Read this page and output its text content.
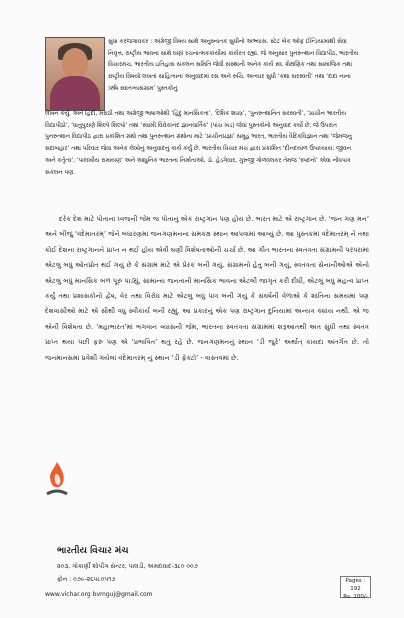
સુધા કરંજગાવકર : અંગ્રેજી વિષય સાથે અનુસ્નાતક સુધીનો અભ્યાસ. સ્ટેટ બેંક ઓફ ઈન્ડિયામાંથી સેવા નિવૃત્ત, રાષ્ટ્રીય ભાવના સાથે ઘણાં રચનાત્મકકાર્યોમાં કાર્યરત રહ્યાં. જે અનુસાર પુનરુત્થાન વિદ્યાપીઠ, ભારતીય વિચારમંચ, ભારતીય ઇતિહાસ સંકલન સમિતિ જેવી સંસ્થાની અનેક કાર્ય સ્વ. શૈક્ષણિક તથા સામાજિક તથા રાષ્ટ્રીય વિષયો લખતાં સાહિત્યના અનુવાદમાં રસ અને રુચિ. અત્યાર સુધી ‘કથા સરસ્વતી’ તથા ‘દાદા નાના ઋષિ સ્વાતંત્ર્યસંગ્રામ’ પુસ્તકોનું

લેખન કર્યું. અને હિંદી, મરાઠી તથા અંગ્રેજી ભાષાઓથી ‘હિંદુ માનસિકતા’, ‘દૈશિક શાસ્ત્ર’, ‘પુનરુત્થાનિત સરસ્વતી’, ‘પ્રાચીન ભારતીય વિદ્યાપીઠો’, ‘ધાતુપુરાણે શિલ્પે શિલ્પો’ તથા ‘સ્વામી વિવેકાનંદ જ્ઞાનવાર્તિક’ (પાંચ ખંડ) જેવાં પુસ્તકોનો અનુવાદ કર્યો છે. જે ઉપરાંત પુનરુત્થાન વિદ્યાપીઠ દ્વારા પ્રકાશિત ગ્રંથો તથા પુનરુત્થાન ગ્રંથોના માટે ‘પ્રાચીનપ્રજ્ઞા’ સમૂહ ભારત, ભારતીય વૈદિકવિજ્ઞાન તથા ‘જેમજનુ સદાબહાર’ તથા પરિવાર જેવા અનેક લેખોનું અનુવાદનું કાર્ય કર્યું છે. ભારતીય વિચાર મંચ દ્વારા પ્રકાશિત ‘દીનદયાળ ઉપાધ્યાય: જીવન અને કર્તૃત્વ’, ‘પાલખીય રામાયણ’ અને આધુનિક ભારતના નિર્માતાઓ, ડૉ. હેડગેવાર, ગુરુજી ગોળવલકર તેમજ ‘સ્પદનો’ એવા નોંધપાત્ર સંકલન પણ.

દરેક દેશ માટે પોતાના ધ્વજની જેમ જ પોતાનું એક રાષ્ટ્રગાન પણ હોય છે. ભારત માટે એ રાષ્ટ્રગાન છે. ‘જન ગણ મન’ અને બીજું ‘વંદેમાતરમ્’ જેને બંધારણમાં જનગણમનના સમકક્ષ સ્થાન આપવામાં આવ્યું છે. આ પુસ્તકમાં વંદેમાતરમ્ ને તથા કોઈ દેશના રાષ્ટ્રગાનને પ્રાપ્ત ન થઈ હોય એવી ઘણી વિશેષતાઓની ચર્ચા છે. આ ગીત ભારતના સ્વતંત્રતા સંગ્રામની પરંપરામાં એટલું બધું ઓતપ્રોત થઈ ગયું છે કે સંગ્રામ માટે એ પ્રેરક બની ગયું. સંગ્રામનો હેતુ બની ગયું, સ્વતંત્રતા સેનાનીઓએ એનો એટલું બધું માનસિક બળ પૂરું પાડ્યું, સામાન્ય જનતાની માનસિક ભાવના એટલી જાગૃત કરી દીધી, એટલું બધું મહત્વ પ્રાપ્ત કર્યું તથા પ્રશાસકોનો દ્વેષ, વેર તથા વિરોધ માટે એટલું બધું પાત્ર બની ગયું કે સંઘર્ષની વેળાએ કે શાંતિના સમયમાં પણ દેશવાસીઓ માટે એ સૌથી વધુ સ્વીકાર્ય બની રહ્યું. આ પ્રકારનું એક પણ રાષ્ટ્રગાન દુનિયામાં અન્યત્ર ક્યાંય નથી. એ જ એની વિશેષતા છે. ‘મહાભારત’માં ભગવાન વ્યાસની જેમ, ભારતના સ્વતંત્રતા સંગ્રામમાં શરૂઆતથી અંત સુધી તથા સ્વતંત્ર પ્રાપ્ત થયા પછી ફરુ પણ એ ‘પ્રભાવિત’ થતું રહે છે. જનગણમનનું સ્થાન ‘ડી જુરે’ અર્થાત્ કાયદા અંતર્ગત છે. તો જનમાનસમાં પ્રવેશી ગયેલાં વંદેમાતરમ્ નું સ્થાન ‘ડી ફેક્ટો’ - વાસ્તવમાં છે.

ભારતીય વિચાર મંચ
૨૦૩, ગોકાર્ણી શોપીંગ સેન્ટર, પાલડી, અમદાવાદ-૩૮૦ ૦૦૭
ફોન : ૦૭૯-૨૬૫૮૦૫૧૭
www.vichar.org bvmguj@gmail.com
Pages : 192
Rs. 200/-
